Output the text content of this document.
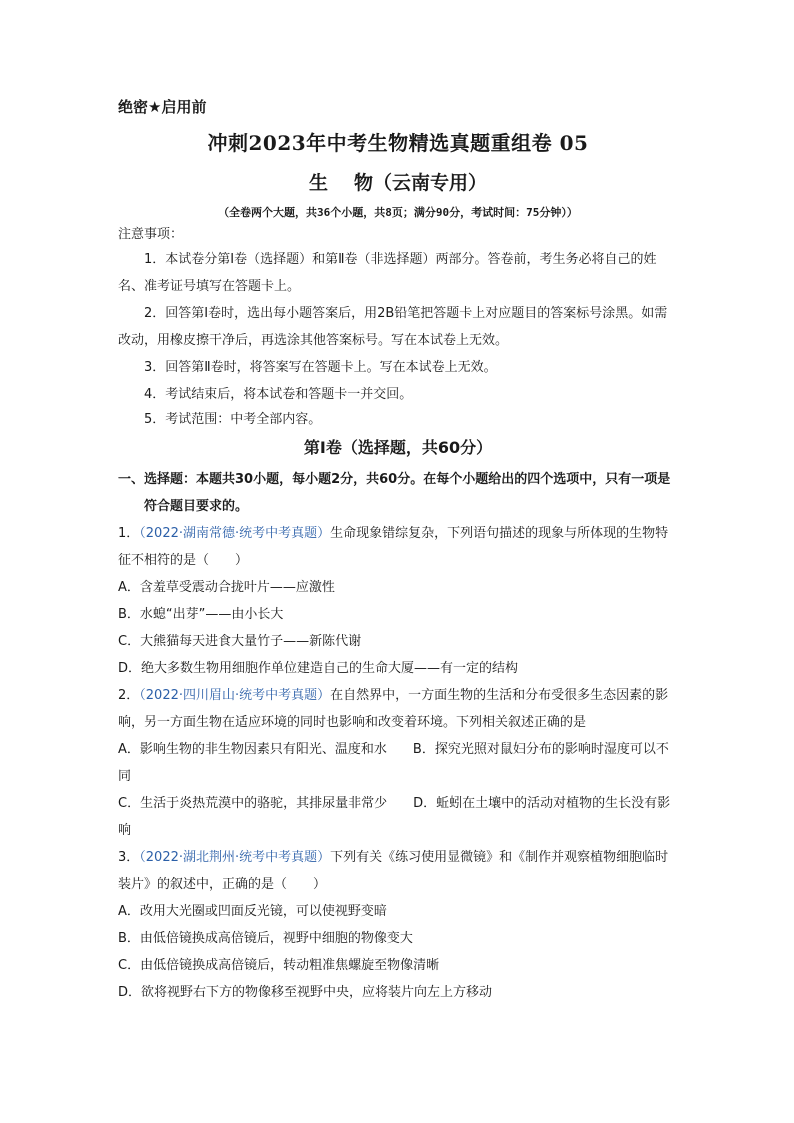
绝密★启用前
冲刺2023年中考生物精选真题重组卷 05
生 物（云南专用）
（全卷两个大题，共36个小题，共8页；满分90分，考试时间：75分钟））
注意事项：
1．本试卷分第Ⅰ卷（选择题）和第Ⅱ卷（非选择题）两部分。答卷前，考生务必将自己的姓名、准考证号填写在答题卡上。
2．回答第Ⅰ卷时，选出每小题答案后，用2B铅笔把答题卡上对应题目的答案标号涂黑。如需改动，用橡皮擦干净后，再选涂其他答案标号。写在本试卷上无效。
3．回答第Ⅱ卷时，将答案写在答题卡上。写在本试卷上无效。
4．考试结束后，将本试卷和答题卡一并交回。
5．考试范围：中考全部内容。
第Ⅰ卷（选择题，共60分）
一、选择题：本题共30小题，每小题2分，共60分。在每个小题给出的四个选项中，只有一项是符合题目要求的。
1．（2022·湖南常德·统考中考真题）生命现象错综复杂，下列语句描述的现象与所体现的生物特征不相符的是（　　）
A．含羞草受震动合拢叶片——应激性
B．水螅“出芽”——由小长大
C．大熊猫每天进食大量竹子——新陈代谢
D．绝大多数生物用细胞作单位建造自己的生命大厦——有一定的结构
2．（2022·四川眉山·统考中考真题）在自然界中，一方面生物的生活和分布受很多生态因素的影响，另一方面生物在适应环境的同时也影响和改变着环境。下列相关叙述正确的是
A．影响生物的非生物因素只有阳光、温度和水 B．探究光照对鼠妇分布的影响时湿度可以不同
C．生活于炎热荒漠中的骆驼，其排尿量非常少 D．蚯蚓在土壤中的活动对植物的生长没有影响
3．（2022·湖北荆州·统考中考真题）下列有关《练习使用显微镜》和《制作并观察植物细胞临时装片》的叙述中，正确的是（　　）
A．改用大光圈或凹面反光镜，可以使视野变暗
B．由低倍镜换成高倍镜后，视野中细胞的物像变大
C．由低倍镜换成高倍镜后，转动粗准焦螺旋至物像清晰
D．欲将视野右下方的物像移至视野中央，应将装片向左上方移动
